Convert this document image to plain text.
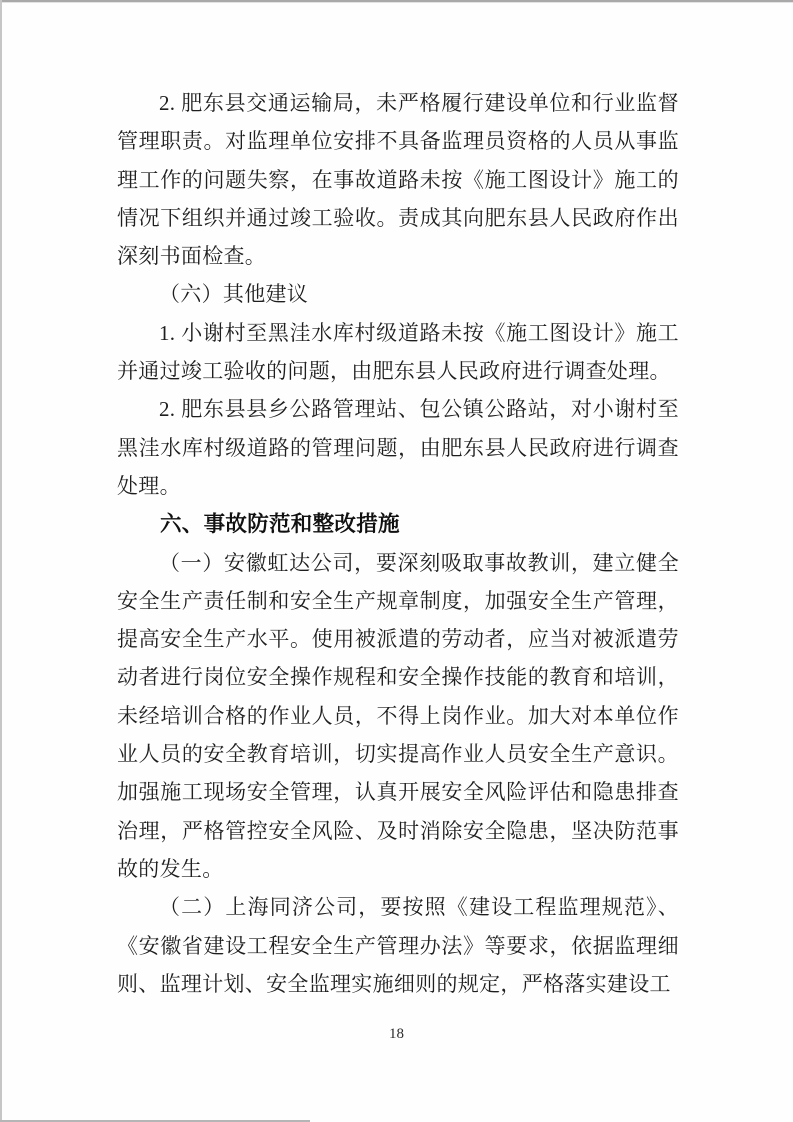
2. 肥东县交通运输局，未严格履行建设单位和行业监督管理职责。对监理单位安排不具备监理员资格的人员从事监理工作的问题失察，在事故道路未按《施工图设计》施工的情况下组织并通过竣工验收。责成其向肥东县人民政府作出深刻书面检查。

（六）其他建议

1. 小谢村至黑洼水库村级道路未按《施工图设计》施工并通过竣工验收的问题，由肥东县人民政府进行调查处理。

2. 肥东县县乡公路管理站、包公镇公路站，对小谢村至黑洼水库村级道路的管理问题，由肥东县人民政府进行调查处理。

六、事故防范和整改措施

（一）安徽虹达公司，要深刻吸取事故教训，建立健全安全生产责任制和安全生产规章制度，加强安全生产管理，提高安全生产水平。使用被派遣的劳动者，应当对被派遣劳动者进行岗位安全操作规程和安全操作技能的教育和培训，未经培训合格的作业人员，不得上岗作业。加大对本单位作业人员的安全教育培训，切实提高作业人员安全生产意识。加强施工现场安全管理，认真开展安全风险评估和隐患排查治理，严格管控安全风险、及时消除安全隐患，坚决防范事故的发生。

（二）上海同济公司，要按照《建设工程监理规范》、《安徽省建设工程安全生产管理办法》等要求，依据监理细则、监理计划、安全监理实施细则的规定，严格落实建设工

18
